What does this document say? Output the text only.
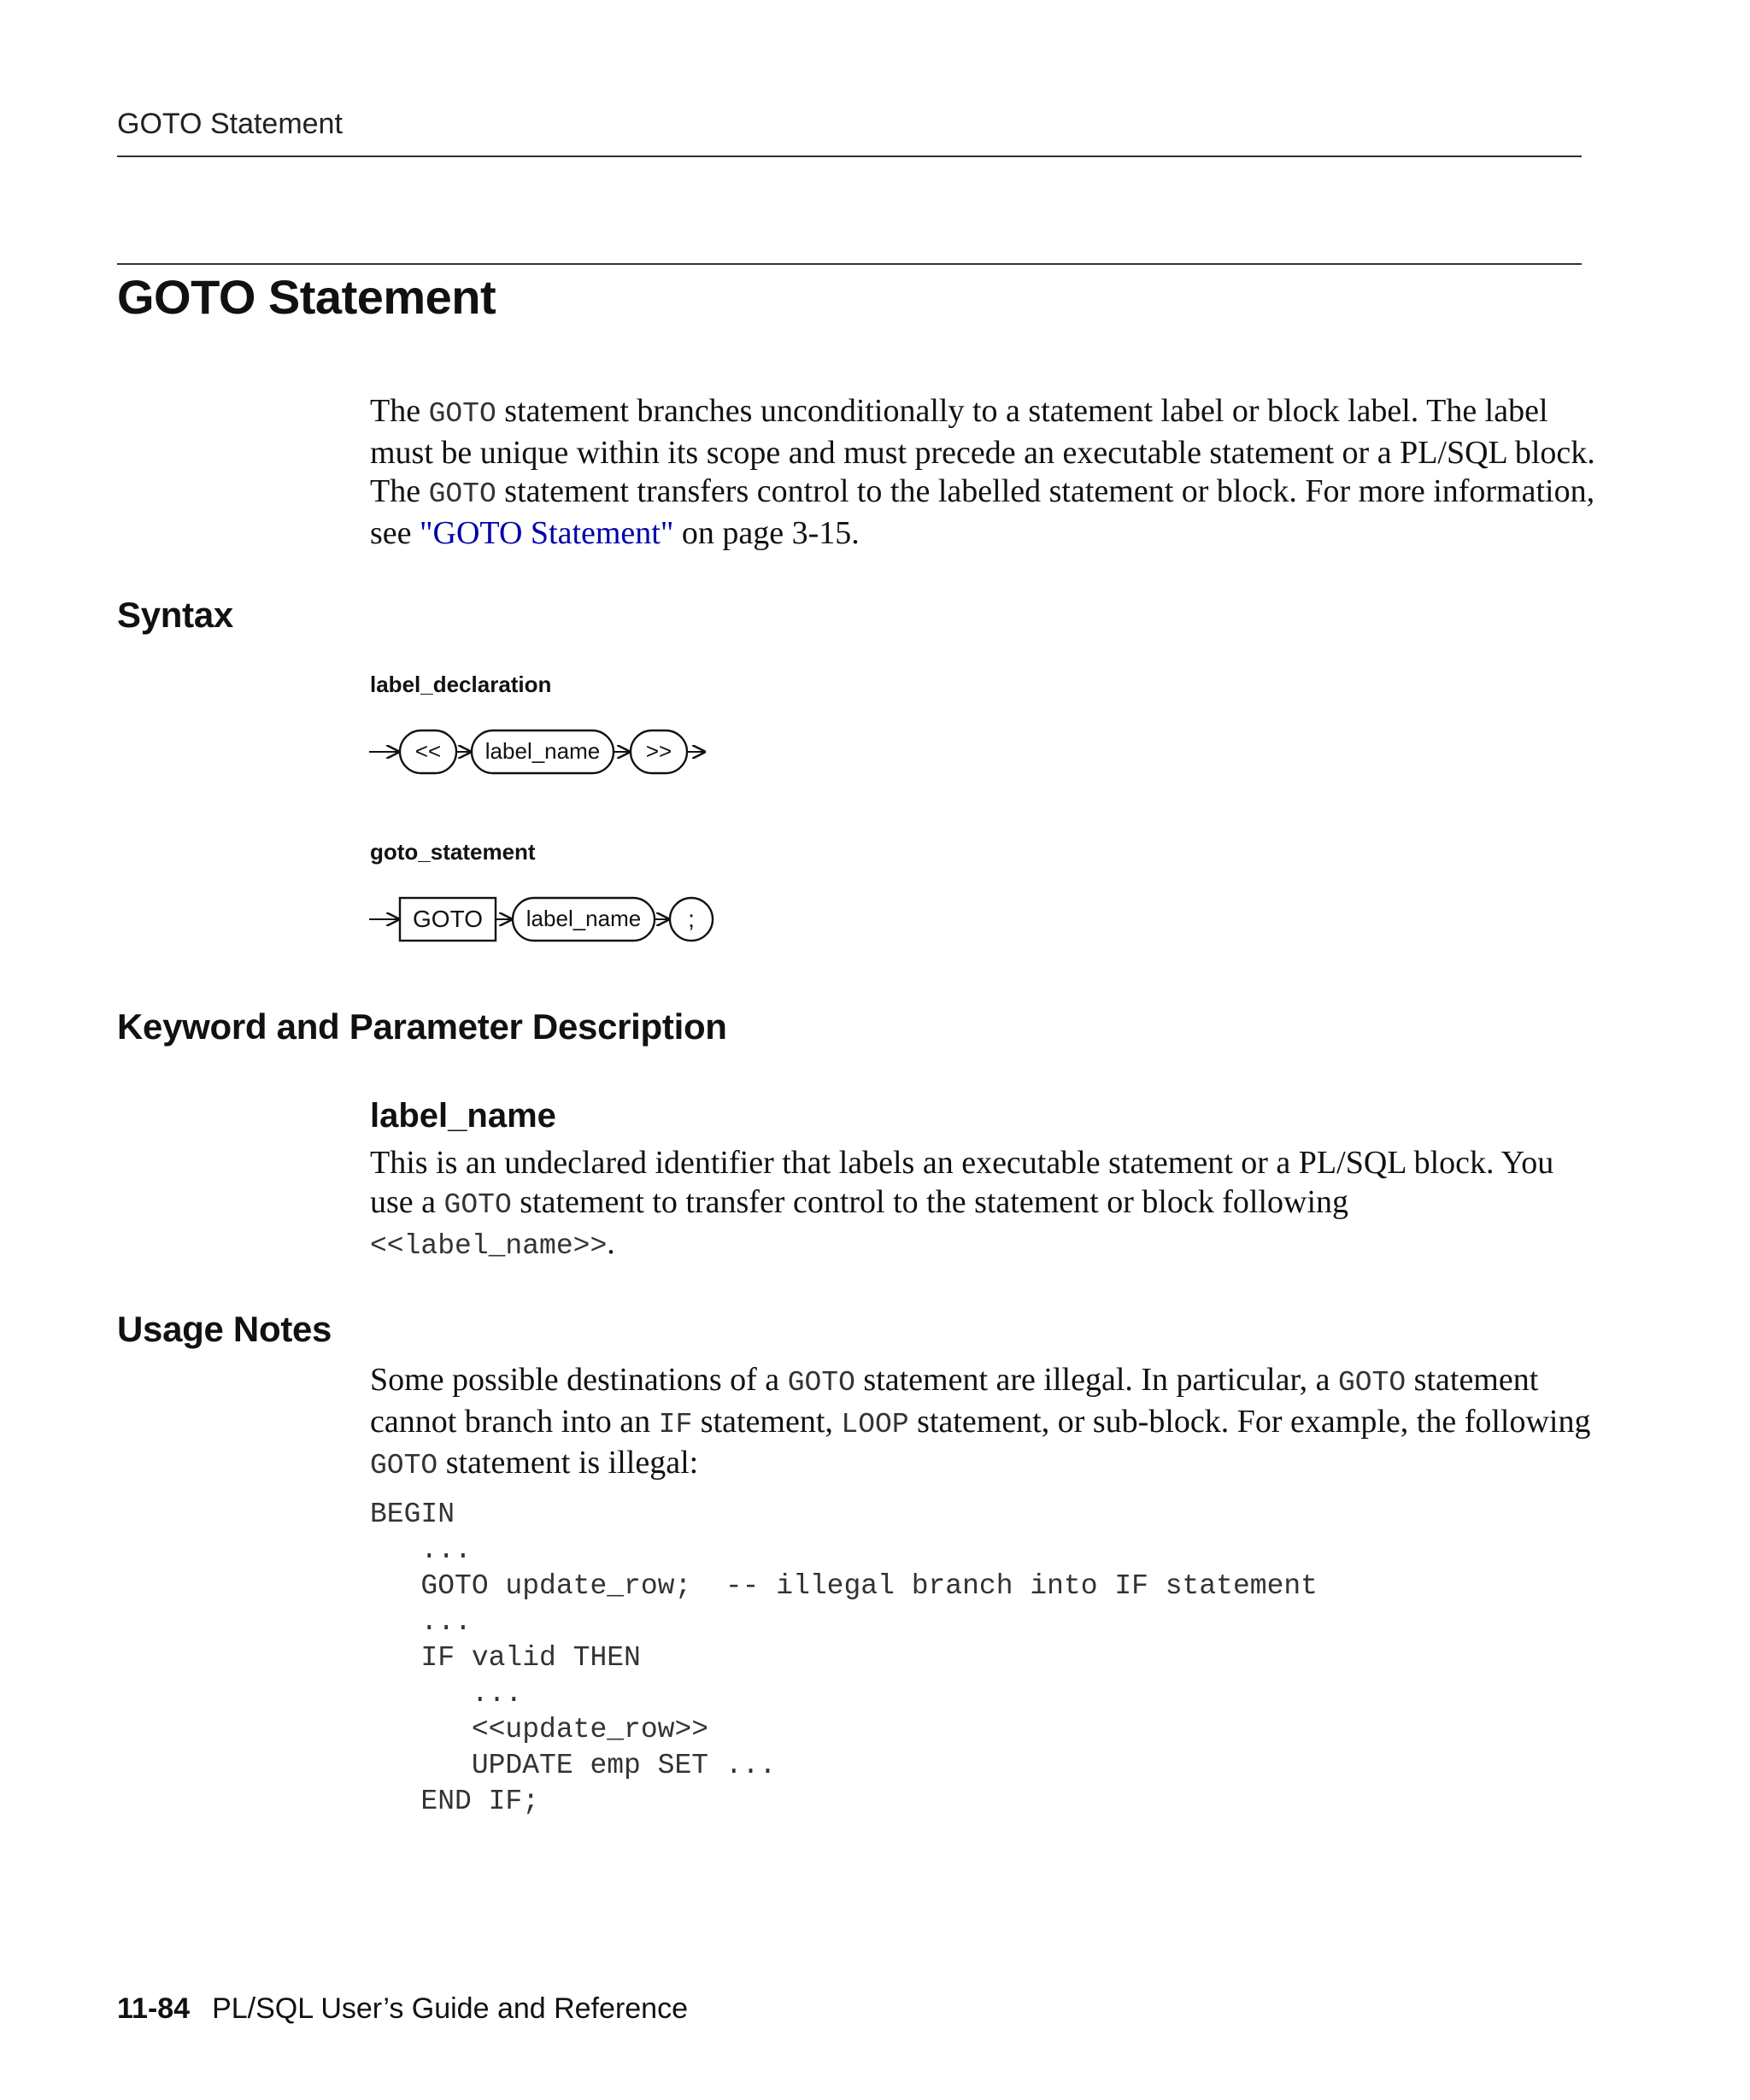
GOTO Statement
GOTO Statement
The GOTO statement branches unconditionally to a statement label or block label. The label must be unique within its scope and must precede an executable statement or a PL/SQL block. The GOTO statement transfers control to the labelled statement or block. For more information, see "GOTO Statement" on page 3-15.
Syntax
label_declaration
<< label_name >>
goto_statement
GOTO label_name ;
Keyword and Parameter Description
label_name
This is an undeclared identifier that labels an executable statement or a PL/SQL block. You use a GOTO statement to transfer control to the statement or block following <<label_name>>.
Usage Notes
Some possible destinations of a GOTO statement are illegal. In particular, a GOTO statement cannot branch into an IF statement, LOOP statement, or sub-block. For example, the following GOTO statement is illegal:
BEGIN
...
GOTO update_row;  -- illegal branch into IF statement
...
IF valid THEN
...
<<update_row>>
UPDATE emp SET ...
END IF;
11-84 PL/SQL User’s Guide and Reference
